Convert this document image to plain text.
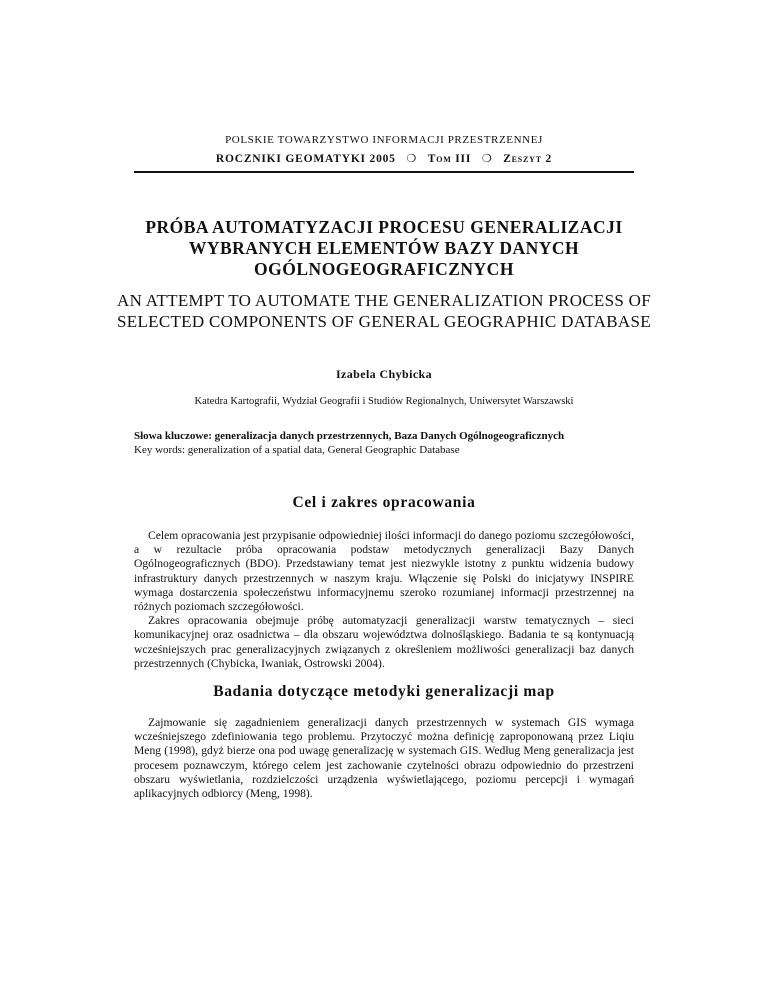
POLSKIE TOWARZYSTWO INFORMACJI PRZESTRZENNEJ
ROCZNIKI GEOMATYKI 2005 ❍ Tom III ❍ Zeszyt 2
PRÓBA AUTOMATYZACJI PROCESU GENERALIZACJI WYBRANYCH ELEMENTÓW BAZY DANYCH OGÓLNOGEOGRAFICZNYCH
AN ATTEMPT TO AUTOMATE THE GENERALIZATION PROCESS OF SELECTED COMPONENTS OF GENERAL GEOGRAPHIC DATABASE
Izabela Chybicka
Katedra Kartografii, Wydział Geografii i Studiów Regionalnych, Uniwersytet Warszawski
Słowa kluczowe: generalizacja danych przestrzennych, Baza Danych Ogólnogeograficznych
Key words: generalization of a spatial data, General Geographic Database
Cel i zakres opracowania

Celem opracowania jest przypisanie odpowiedniej ilości informacji do danego poziomu szczegółowości, a w rezultacie próba opracowania podstaw metodycznych generalizacji Bazy Danych Ogólnogeograficznych (BDO). Przedstawiany temat jest niezwykle istotny z punktu widzenia budowy infrastruktury danych przestrzennych w naszym kraju. Włączenie się Polski do inicjatywy INSPIRE wymaga dostarczenia społeczeństwu informacyjnemu szeroko rozumianej informacji przestrzennej na różnych poziomach szczegółowości.

Zakres opracowania obejmuje próbę automatyzacji generalizacji warstw tematycznych – sieci komunikacyjnej oraz osadnictwa – dla obszaru województwa dolnośląskiego. Badania te są kontynuacją wcześniejszych prac generalizacyjnych związanych z określeniem możliwości generalizacji baz danych przestrzennych (Chybicka, Iwaniak, Ostrowski 2004).

Badania dotyczące metodyki generalizacji map

Zajmowanie się zagadnieniem generalizacji danych przestrzennych w systemach GIS wymaga wcześniejszego zdefiniowania tego problemu. Przytoczyć można definicję zaproponowaną przez Liqiu Meng (1998), gdyż bierze ona pod uwagę generalizację w systemach GIS. Według Meng generalizacja jest procesem poznawczym, którego celem jest zachowanie czytelności obrazu odpowiednio do przestrzeni obszaru wyświetlania, rozdzielczości urządzenia wyświetlającego, poziomu percepcji i wymagań aplikacyjnych odbiorcy (Meng, 1998).
